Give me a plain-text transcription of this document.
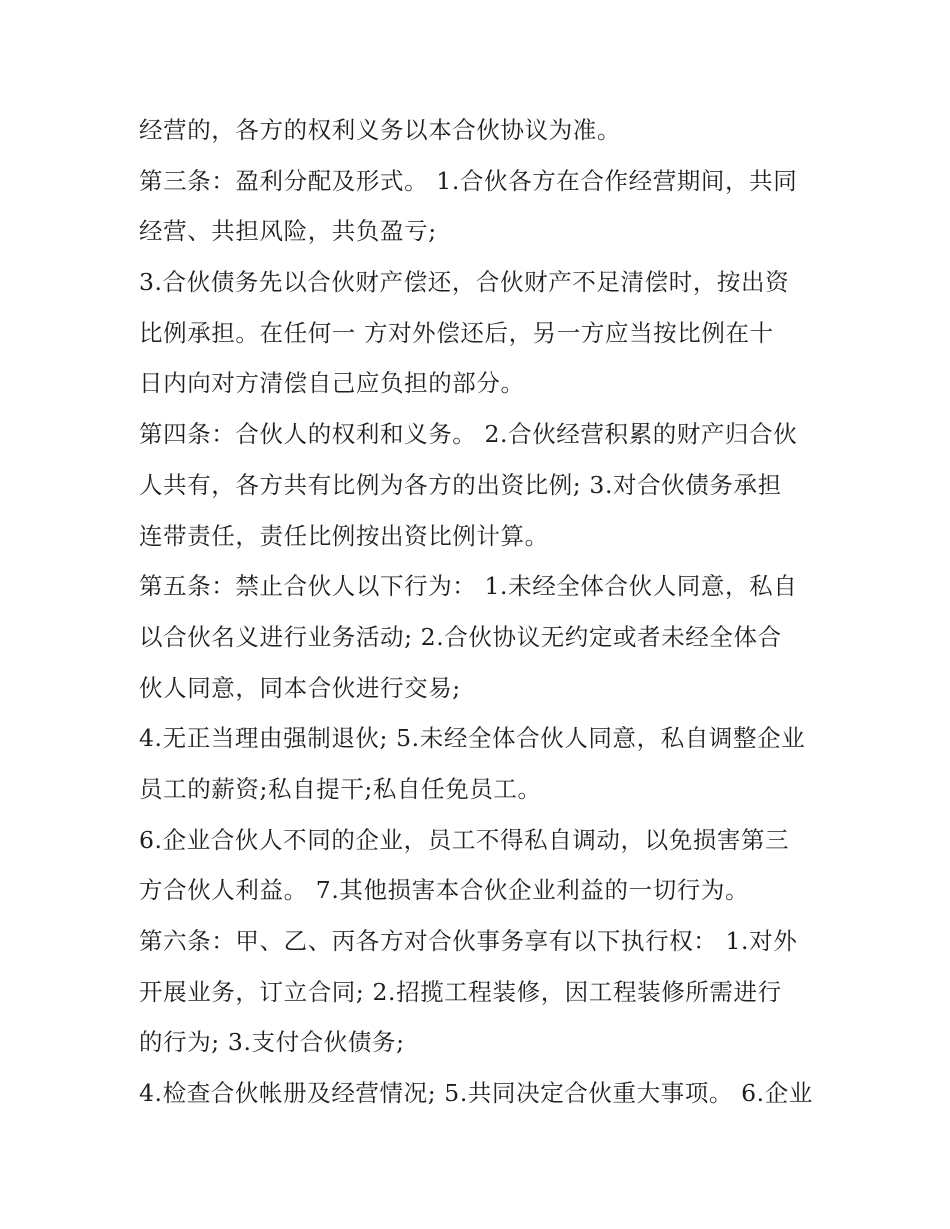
经营的，各方的权利义务以本合伙协议为准。
第三条：盈利分配及形式。 1.合伙各方在合作经营期间，共同
经营、共担风险，共负盈亏;
3.合伙债务先以合伙财产偿还，合伙财产不足清偿时，按出资
比例承担。在任何一 方对外偿还后，另一方应当按比例在十
日内向对方清偿自己应负担的部分。
第四条：合伙人的权利和义务。 2.合伙经营积累的财产归合伙
人共有，各方共有比例为各方的出资比例; 3.对合伙债务承担
连带责任，责任比例按出资比例计算。
第五条：禁止合伙人以下行为： 1.未经全体合伙人同意，私自
以合伙名义进行业务活动; 2.合伙协议无约定或者未经全体合
伙人同意，同本合伙进行交易;
4.无正当理由强制退伙; 5.未经全体合伙人同意，私自调整企业
员工的薪资;私自提干;私自任免员工。
6.企业合伙人不同的企业，员工不得私自调动，以免损害第三
方合伙人利益。 7.其他损害本合伙企业利益的一切行为。
第六条：甲、乙、丙各方对合伙事务享有以下执行权： 1.对外
开展业务，订立合同; 2.招揽工程装修，因工程装修所需进行
的行为; 3.支付合伙债务;
4.检查合伙帐册及经营情况; 5.共同决定合伙重大事项。 6.企业
